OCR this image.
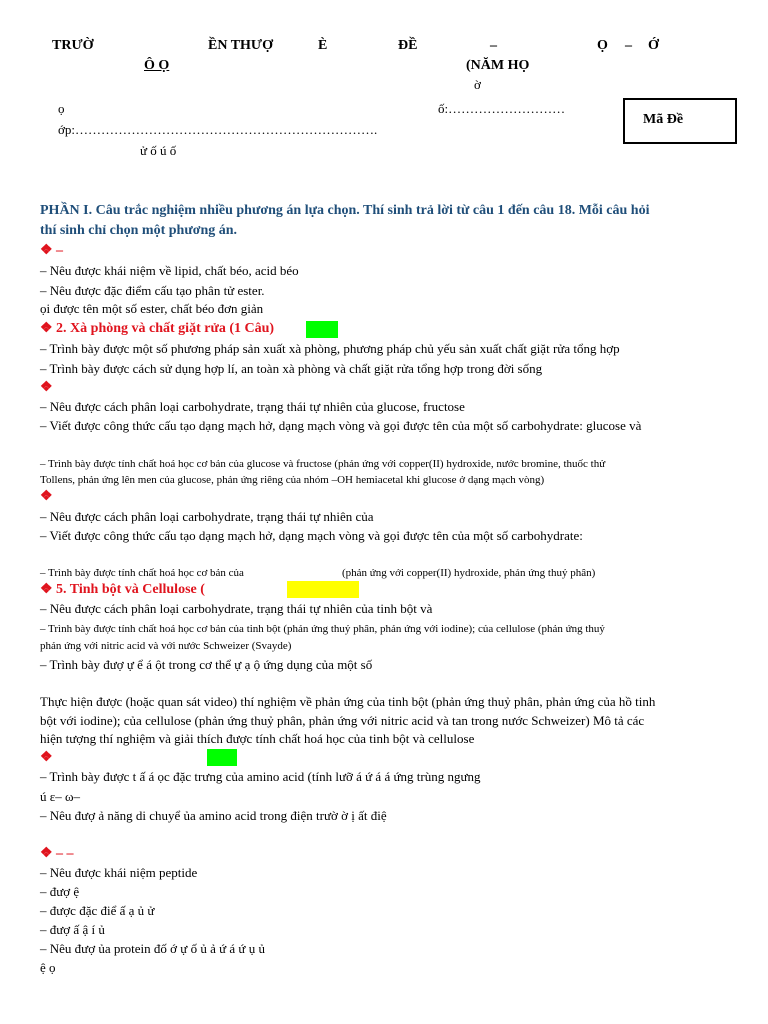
TRƯỜ	ỀN THƯỢ	È	ĐỀ	–	Ọ – Ớ
Ô Ọ	(NĂM HỌ
ờ
ọ	ố:………………………
ớp:…………………………………………………………….
ử ố ú ố
Mã Đề
PHẦN I. Câu trắc nghiệm nhiều phương án lựa chọn. Thí sinh trả lời từ câu 1 đến câu 18. Mỗi câu hỏi
thí sinh chỉ chọn một phương án.
❖ –
– Nêu được khái niệm về lipid, chất béo, acid béo
– Nêu được đặc điểm cấu tạo phân tử ester.
ọi được tên một số ester, chất béo đơn giản
❖ 2. Xà phòng và chất giặt rửa (1 Câu)
– Trình bày được một số phương pháp sản xuất xà phòng, phương pháp chủ yếu sản xuất chất giặt rửa tổng hợp
– Trình bày được cách sử dụng hợp lí, an toàn xà phòng và chất giặt rửa tổng hợp trong đời sống
❖
– Nêu được cách phân loại carbohydrate, trạng thái tự nhiên của glucose, fructose
– Viết được công thức cấu tạo dạng mạch hở, dạng mạch vòng và gọi được tên của một số carbohydrate: glucose và
– Trình bày được tính chất hoá học cơ bản của glucose và fructose (phản ứng với copper(II) hydroxide, nước bromine, thuốc thử
Tollens, phản ứng lên men của glucose, phản ứng riêng của nhóm –OH hemiacetal khi glucose ở dạng mạch vòng)
❖
– Nêu được cách phân loại carbohydrate, trạng thái tự nhiên của
– Viết được công thức cấu tạo dạng mạch hở, dạng mạch vòng và gọi được tên của một số carbohydrate:
– Trình bày được tính chất hoá học cơ bản của	(phản ứng với copper(II) hydroxide, phản ứng thuỷ phân)
❖ 5. Tinh bột và Cellulose (
– Nêu được cách phân loại carbohydrate, trạng thái tự nhiên của tinh bột và
– Trình bày được tính chất hoá học cơ bản của tinh bột (phản ứng thuỷ phân, phản ứng với iodine); của cellulose (phản ứng thuỷ
phản ứng với nitric acid và với nước Schweizer (Svayde)
– Trình bày đượ ự ể á ột trong cơ thể ự ạ ộ ứng dụng của một số
Thực hiện được (hoặc quan sát video) thí nghiệm về phản ứng của tinh bột (phản ứng thuỷ phân, phản ứng của hồ tinh
bột với iodine); của cellulose (phản ứng thuỷ phân, phản ứng với nitric acid và tan trong nước Schweizer) Mô tả các
hiện tượng thí nghiệm và giải thích được tính chất hoá học của tinh bột và cellulose
❖
– Trình bày được t ấ á ọc đặc trưng của amino acid (tính lưỡ á ứ á á ứng trùng ngưng
ú ε– ω–
– Nêu đượ ả năng di chuyể ủa amino acid trong điện trườ ờ ị ất điệ
❖ – –
– Nêu được khái niệm peptide
– đượ ệ
– được đặc điể ấ ạ ủ ử
– đượ ấ ậ í ủ
– Nêu đượ ủa protein đố ớ ự ố ủ ả ứ á ứ ụ ủ
ệ ọ
